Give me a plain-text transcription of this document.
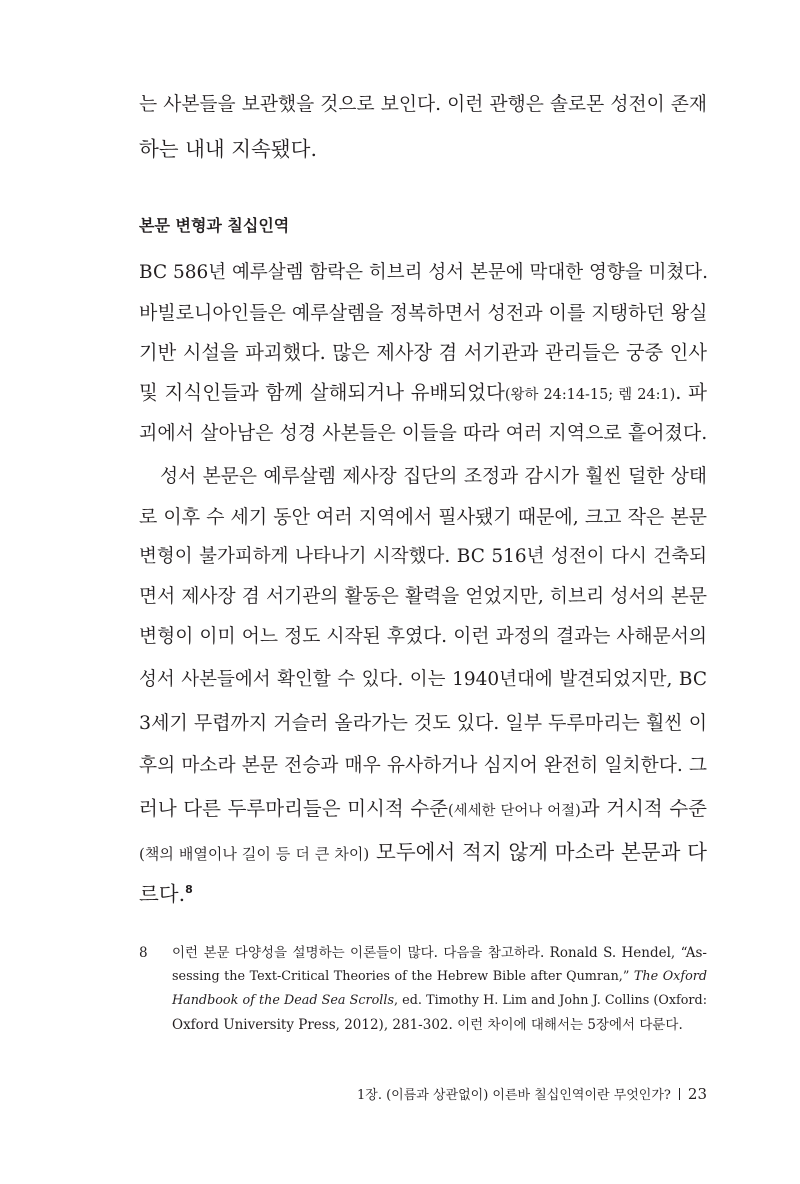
는 사본들을 보관했을 것으로 보인다. 이런 관행은 솔로몬 성전이 존재
하는 내내 지속됐다.
본문 변형과 칠십인역
BC 586년 예루살렘 함락은 히브리 성서 본문에 막대한 영향을 미쳤다.
바빌로니아인들은 예루살렘을 정복하면서 성전과 이를 지탱하던 왕실
기반 시설을 파괴했다. 많은 제사장 겸 서기관과 관리들은 궁중 인사
및 지식인들과 함께 살해되거나 유배되었다(왕하 24:14-15; 렘 24:1). 파
괴에서 살아남은 성경 사본들은 이들을 따라 여러 지역으로 흩어졌다.
성서 본문은 예루살렘 제사장 집단의 조정과 감시가 훨씬 덜한 상태
로 이후 수 세기 동안 여러 지역에서 필사됐기 때문에, 크고 작은 본문
변형이 불가피하게 나타나기 시작했다. BC 516년 성전이 다시 건축되
면서 제사장 겸 서기관의 활동은 활력을 얻었지만, 히브리 성서의 본문
변형이 이미 어느 정도 시작된 후였다. 이런 과정의 결과는 사해문서의
성서 사본들에서 확인할 수 있다. 이는 1940년대에 발견되었지만, BC
3세기 무렵까지 거슬러 올라가는 것도 있다. 일부 두루마리는 훨씬 이
후의 마소라 본문 전승과 매우 유사하거나 심지어 완전히 일치한다. 그
러나 다른 두루마리들은 미시적 수준(세세한 단어나 어절)과 거시적 수준
(책의 배열이나 길이 등 더 큰 차이) 모두에서 적지 않게 마소라 본문과 다
르다.$^8$
8 이런 본문 다양성을 설명하는 이론들이 많다. 다음을 참고하라. Ronald S. Hendel, “As-
sessing the Text-Critical Theories of the Hebrew Bible after Qumran,” The Oxford
Handbook of the Dead Sea Scrolls, ed. Timothy H. Lim and John J. Collins (Oxford:
Oxford University Press, 2012), 281-302. 이런 차이에 대해서는 5장에서 다룬다.
1장. (이름과 상관없이) 이른바 칠십인역이란 무엇인가? 23
